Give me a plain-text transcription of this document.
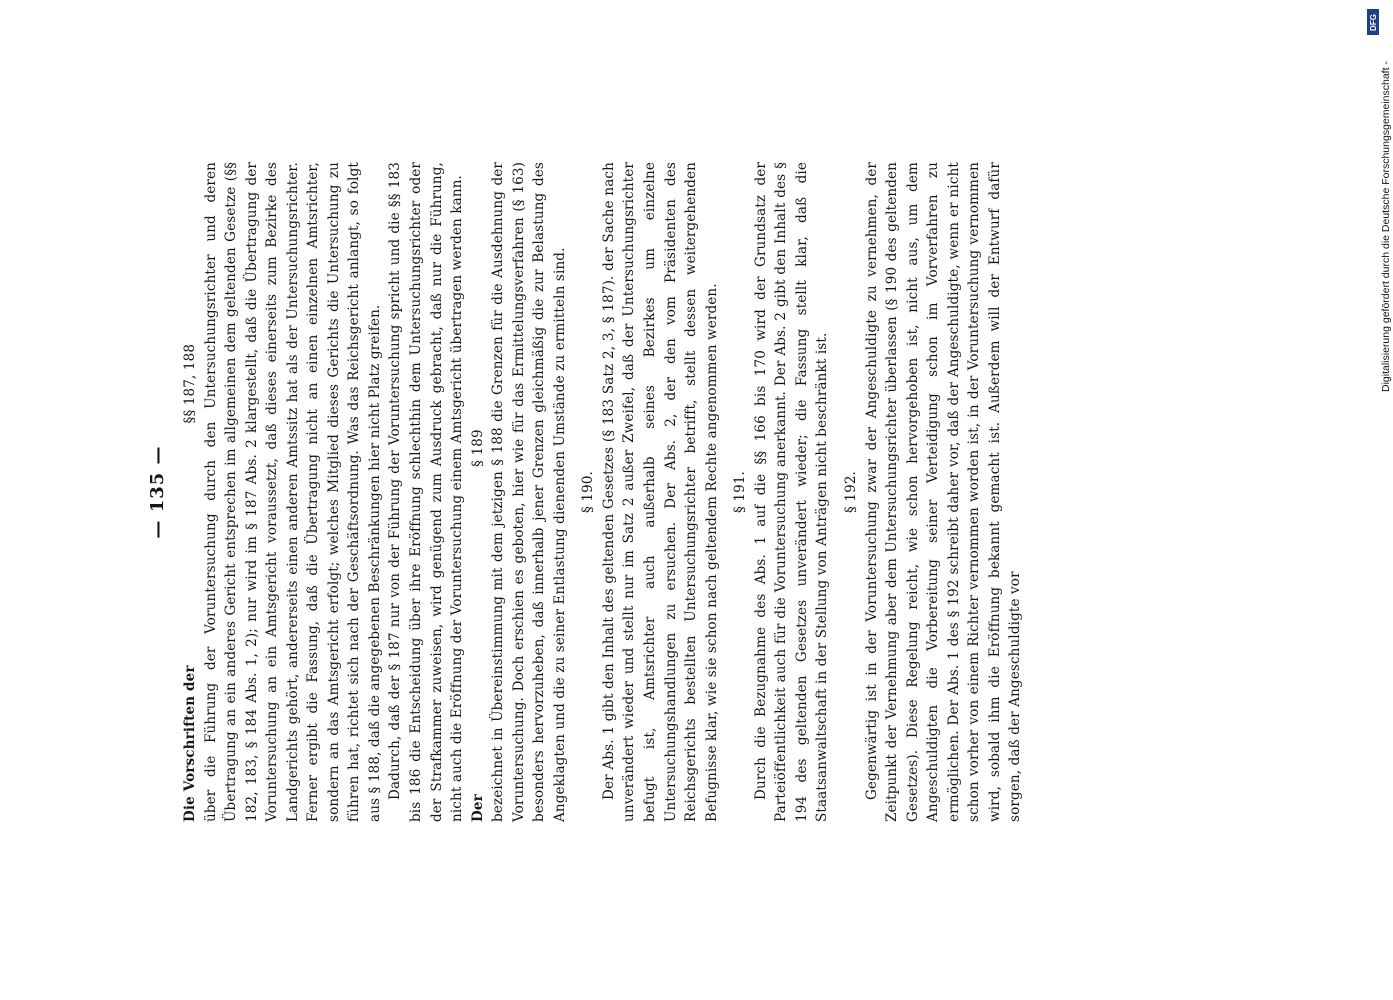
— 135 —
Die Vorschriften der
§§ 187, 188 über die Führung der Voruntersuchung durch den Untersuchungsrichter und deren Übertragung an ein anderes Gericht entsprechen im allgemeinen dem geltenden Gesetze (§§ 182, 183, § 184 Abs. 1, 2); nur wird im § 187 Abs. 2 klargestellt, daß die Übertragung der Voruntersuchung an ein Amtsgericht voraussetzt, daß dieses einerseits zum Bezirke des Landgerichts gehört, andererseits einen anderen Amtssitz hat als der Untersuchungsrichter. Ferner ergibt die Fassung, daß die Übertragung nicht an einen einzelnen Amtsrichter, sondern an das Amtsgericht erfolgt; welches Mitglied dieses Gerichts die Untersuchung zu führen hat, richtet sich nach der Geschäftsordnung. Was das Reichsgericht anlangt, so folgt aus § 188, daß die angegebenen Beschränkungen hier nicht Platz greifen. Dadurch, daß der § 187 nur von der Führung der Voruntersuchung spricht und die §§ 183 bis 186 die Entscheidung über ihre Eröffnung schlechthin dem Untersuchungsrichter oder der Strafkammer zuweisen, wird genügend zum Ausdruck gebracht, daß nur die Führung, nicht auch die Eröffnung der Voruntersuchung einem Amtsgericht übertragen werden kann. Der
§ 189 bezeichnet in Übereinstimmung mit dem jetzigen § 188 die Grenzen für die Ausdehnung der Voruntersuchung. Doch erschien es geboten, hier wie für das Ermittelungsverfahren (§ 163) besonders hervorzuheben, daß innerhalb jener Grenzen gleichmäßig die zur Belastung des Angeklagten und die zu seiner Entlastung dienenden Umstände zu ermitteln sind. § 190. Der Abs. 1 gibt den Inhalt des geltenden Gesetzes (§ 183 Satz 2, 3, § 187). der Sache nach unverändert wieder und stellt nur im Satz 2 außer Zweifel, daß der Untersuchungsrichter befugt ist, Amtsrichter auch außerhalb seines Bezirkes um einzelne Untersuchungshandlungen zu ersuchen. Der Abs. 2, der den vom Präsidenten des Reichsgerichts bestellten Untersuchungsrichter betrifft, stellt dessen weitergehenden Befugnisse klar, wie sie schon nach geltendem Rechte angenommen werden. § 191. Durch die Bezugnahme des Abs. 1 auf die §§ 166 bis 170 wird der Grundsatz der Parteiöffentlichkeit auch für die Voruntersuchung anerkannt. Der Abs. 2 gibt den Inhalt des § 194 des geltenden Gesetzes unverändert wieder; die Fassung stellt klar, daß die Staatsanwaltschaft in der Stellung von Anträgen nicht beschränkt ist. § 192. Gegenwärtig ist in der Voruntersuchung zwar der Angeschuldigte zu vernehmen, der Zeitpunkt der Vernehmung aber dem Untersuchungsrichter überlassen (§ 190 des geltenden Gesetzes). Diese Regelung reicht, wie schon hervorgehoben ist, nicht aus, um dem Angeschuldigten die Vorbereitung seiner Verteidigung schon im Vorverfahren zu ermöglichen. Der Abs. 1 des § 192 schreibt daher vor, daß der Angeschuldigte, wenn er nicht schon vorher von einem Richter vernommen worden ist, in der Voruntersuchung vernommen wird, sobald ihm die Eröffnung bekannt gemacht ist. Außerdem will der Entwurf dafür sorgen, daß der Angeschuldigte vor

Digitalisierung gefördert durch die Deutsche Forschungsgemeinschaft -
DFG
